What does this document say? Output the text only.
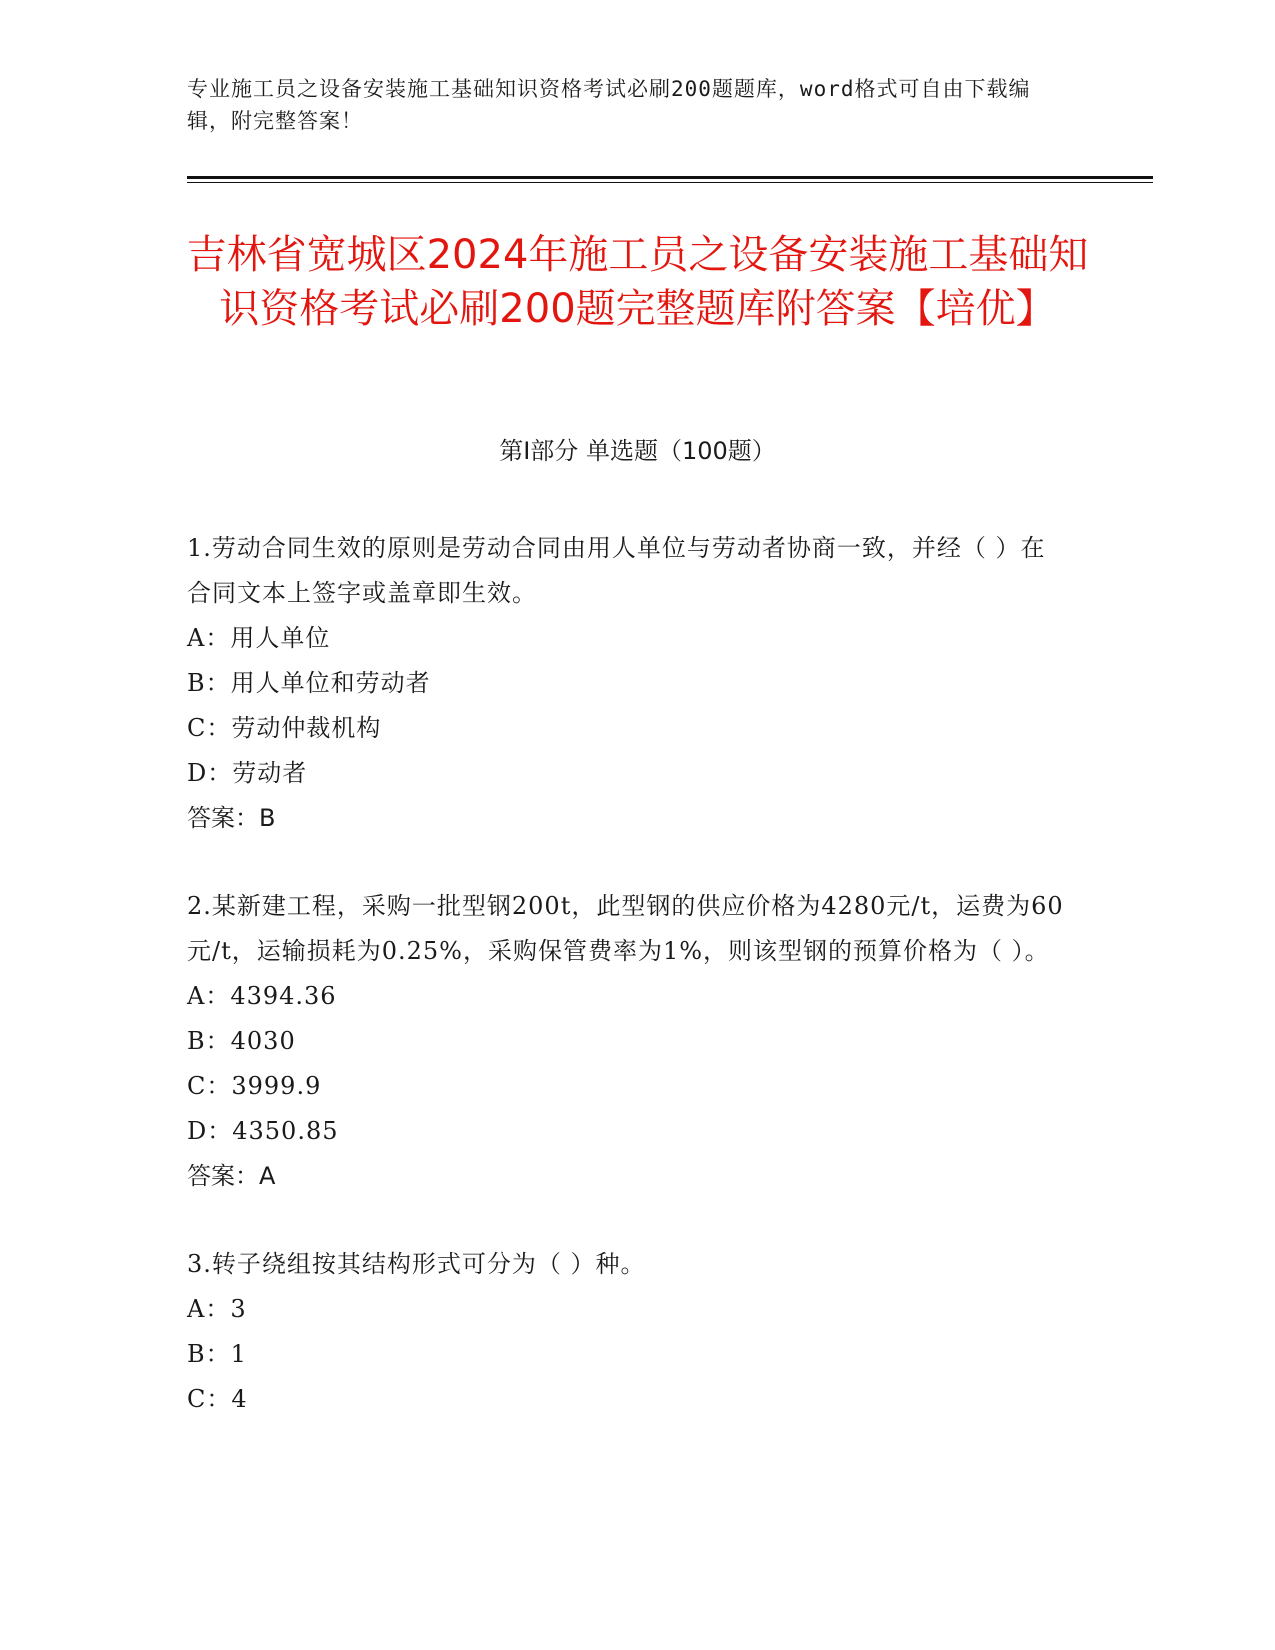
专业施工员之设备安装施工基础知识资格考试必刷200题题库，word格式可自由下载编辑，附完整答案！
吉林省宽城区2024年施工员之设备安装施工基础知识资格考试必刷200题完整题库附答案【培优】
第I部分 单选题（100题）
1.劳动合同生效的原则是劳动合同由用人单位与劳动者协商一致，并经（ ）在合同文本上签字或盖章即生效。
A：用人单位
B：用人单位和劳动者
C：劳动仲裁机构
D：劳动者
答案：B
2.某新建工程，采购一批型钢200t，此型钢的供应价格为4280元/t，运费为60元/t，运输损耗为0.25%，采购保管费率为1%，则该型钢的预算价格为（ ）。
A：4394.36
B：4030
C：3999.9
D：4350.85
答案：A
3.转子绕组按其结构形式可分为（ ）种。
A：3
B：1
C：4
